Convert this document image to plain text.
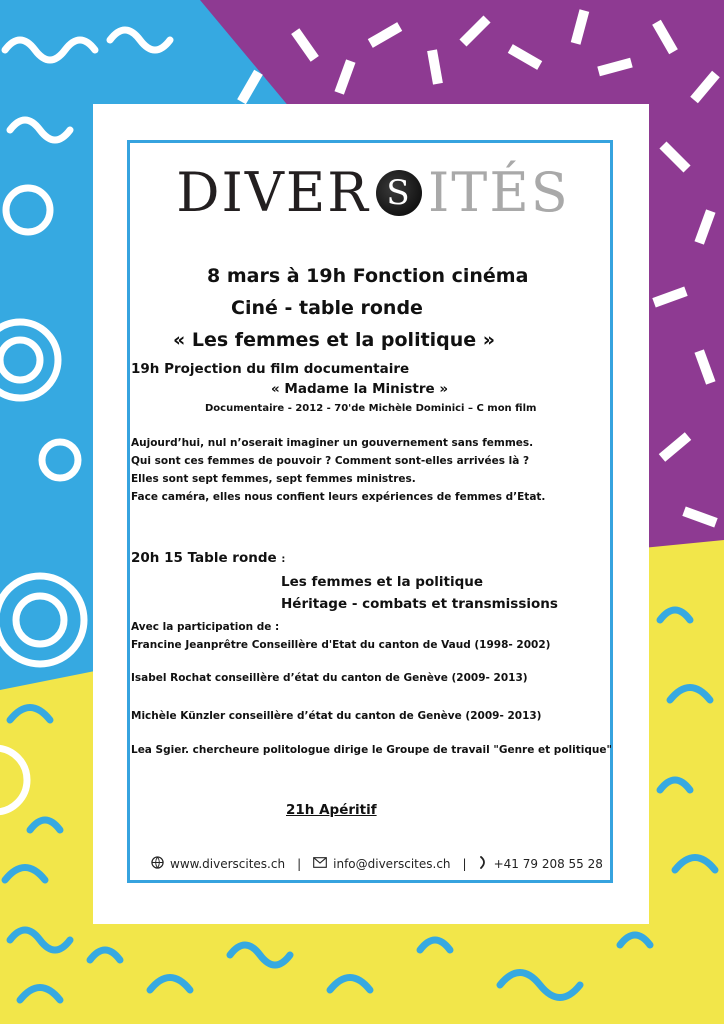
DIVER S ITÉS
8 mars à 19h Fonction cinéma
Ciné - table ronde
« Les femmes et la politique »
19h Projection du film documentaire
« Madame la Ministre »
Documentaire - 2012 - 70'de Michèle Dominici – C mon film
Aujourd’hui, nul n’oserait imaginer un gouvernement sans femmes.
Qui sont ces femmes de pouvoir ? Comment sont-elles arrivées là ?
Elles sont sept femmes, sept femmes ministres.
Face caméra, elles nous confient leurs expériences de femmes d’Etat.
20h 15 Table ronde :
Les femmes et la politique
Héritage - combats et transmissions
Avec la participation de :
Francine Jeanprêtre Conseillère d'Etat du canton de Vaud (1998- 2002)
Isabel Rochat conseillère d’état du canton de Genève (2009- 2013)
Michèle Künzler conseillère d’état du canton de Genève (2009- 2013)
Lea Sgier. chercheure politologue dirige le Groupe de travail "Genre et politique"
21h Apéritif
www.diverscites.ch |	info@diverscites.ch | +41 79 208 55 28
